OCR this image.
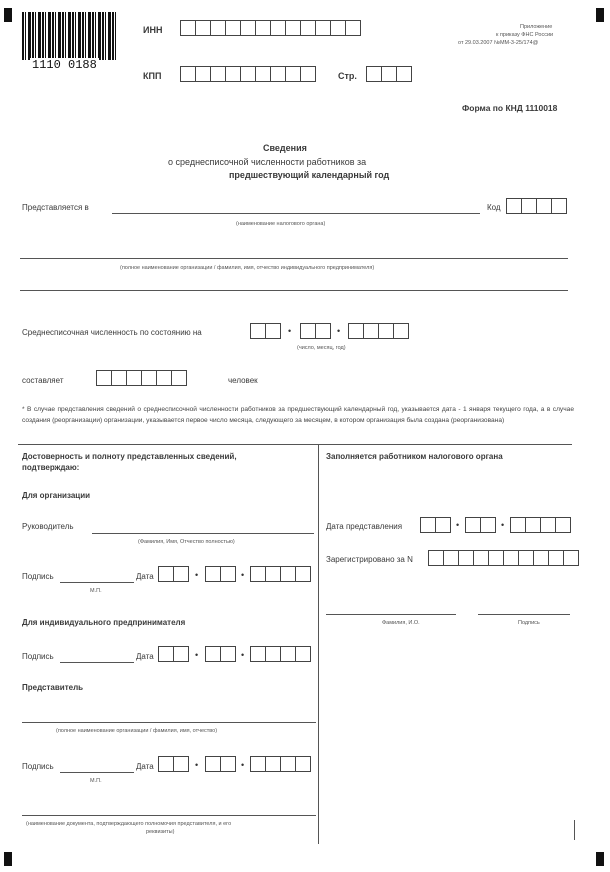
1110 0188
ИНН	Приложение
к приказу ФНС России
от 29.03.2007 №ММ-3-25/174@
КПП	Стр.
Форма по КНД 1110018
Сведения
о среднесписочной численности работников за
предшествующий календарный год
Представляется в	Код
(наименование налогового органа)
(полное наименование организации / фамилия, имя, отчество индивидуального предпринимателя)
Среднесписочная численность по состоянию на	•	•
(число, месяц, год)
составляет	человек
* В случае представления сведений о среднесписочной численности работников за предшествующий календарный год, указывается дата - 1 января текущего года, а в случае создания (реорганизации) организации, указывается первое число месяца, следующего за месяцем, в котором организация была создана (реорганизована)
Достоверность и полноту представленных сведений,
подтверждаю:
Для организации
Руководитель
(Фамилия, Имя, Отчество полностью)
Подпись
М.П.
Дата	•	•
Для индивидуального предпринимателя
Подпись	Дата	•	•
Представитель
(полное наименование организации / фамилия, имя, отчество)
Подпись
М.П.
Дата	•	•
(наименование документа, подтверждающего полномочия представителя, и его
реквизиты)
Заполняется работником налогового органа
Дата представления	•	•
Зарегистрировано за N
Фамилия, И.О.	Подпись
